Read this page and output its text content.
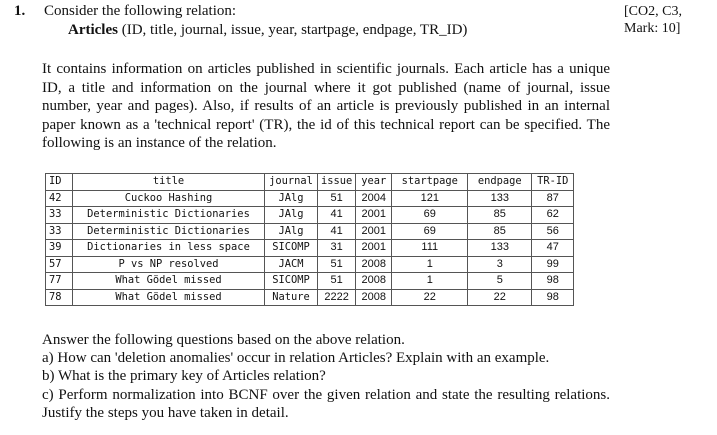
1. Consider the following relation:
Articles (ID, title, journal, issue, year, startpage, endpage, TR_ID)
[CO2, C3,
Mark: 10]
It contains information on articles published in scientific journals. Each article has a unique ID, a title and information on the journal where it got published (name of journal, issue number, year and pages). Also, if results of an article is previously published in an internal paper known as a 'technical report' (TR), the id of this technical report can be specified. The following is an instance of the relation.
ID	title	journal	issue	year	startpage	endpage	TR-ID
42	Cuckoo Hashing	JAlg	51	2004	121	133	87
33	Deterministic Dictionaries	JAlg	41	2001	69	85	62
33	Deterministic Dictionaries	JAlg	41	2001	69	85	56
39	Dictionaries in less space	SICOMP	31	2001	111	133	47
57	P vs NP resolved	JACM	51	2008	1	3	99
77	What Gödel missed	SICOMP	51	2008	1	5	98
78	What Gödel missed	Nature	2222	2008	22	22	98
Answer the following questions based on the above relation.
a) How can 'deletion anomalies' occur in relation Articles? Explain with an example.
b) What is the primary key of Articles relation?
c) Perform normalization into BCNF over the given relation and state the resulting relations. Justify the steps you have taken in detail.
